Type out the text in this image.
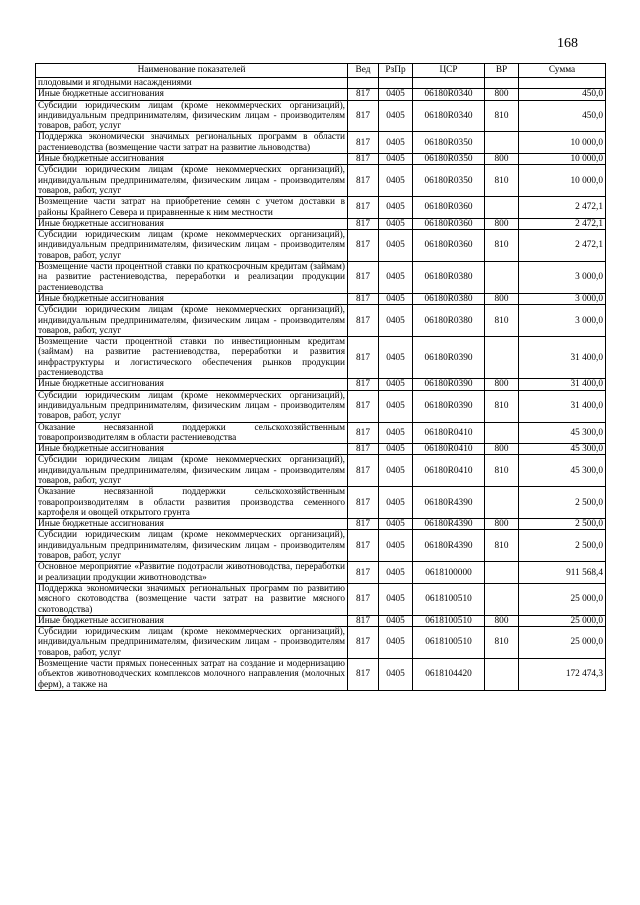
168
Наименование показателей	Вед	РзПр	ЦСР	ВР	Сумма
плодовыми и ягодными насаждениями					
Иные бюджетные ассигнования	817	0405	06180R0340	800	450,0
Субсидии юридическим лицам (кроме некоммерческих организаций), индивидуальным предпринимателям, физическим лицам - производителям товаров, работ, услуг	817	0405	06180R0340	810	450,0
Поддержка экономически значимых региональных программ в области растениеводства (возмещение части затрат на развитие льноводства)	817	0405	06180R0350		10 000,0
Иные бюджетные ассигнования	817	0405	06180R0350	800	10 000,0
Субсидии юридическим лицам (кроме некоммерческих организаций), индивидуальным предпринимателям, физическим лицам - производителям товаров, работ, услуг	817	0405	06180R0350	810	10 000,0
Возмещение части затрат на приобретение семян с учетом доставки в районы Крайнего Севера и приравненные к ним местности	817	0405	06180R0360		2 472,1
Иные бюджетные ассигнования	817	0405	06180R0360	800	2 472,1
Субсидии юридическим лицам (кроме некоммерческих организаций), индивидуальным предпринимателям, физическим лицам - производителям товаров, работ, услуг	817	0405	06180R0360	810	2 472,1
Возмещение части процентной ставки по краткосрочным кредитам (займам) на развитие растениеводства, переработки и реализации продукции растениеводства	817	0405	06180R0380		3 000,0
Иные бюджетные ассигнования	817	0405	06180R0380	800	3 000,0
Субсидии юридическим лицам (кроме некоммерческих организаций), индивидуальным предпринимателям, физическим лицам - производителям товаров, работ, услуг	817	0405	06180R0380	810	3 000,0
Возмещение части процентной ставки по инвестиционным кредитам (займам) на развитие растениеводства, переработки и развития инфраструктуры и логистического обеспечения рынков продукции растениеводства	817	0405	06180R0390		31 400,0
Иные бюджетные ассигнования	817	0405	06180R0390	800	31 400,0
Субсидии юридическим лицам (кроме некоммерческих организаций), индивидуальным предпринимателям, физическим лицам - производителям товаров, работ, услуг	817	0405	06180R0390	810	31 400,0
Оказание несвязанной поддержки сельскохозяйственным товаропроизводителям в области растениеводства	817	0405	06180R0410		45 300,0
Иные бюджетные ассигнования	817	0405	06180R0410	800	45 300,0
Субсидии юридическим лицам (кроме некоммерческих организаций), индивидуальным предпринимателям, физическим лицам - производителям товаров, работ, услуг	817	0405	06180R0410	810	45 300,0
Оказание несвязанной поддержки сельскохозяйственным товаропроизводителям в области развития производства семенного картофеля и овощей открытого грунта	817	0405	06180R4390		2 500,0
Иные бюджетные ассигнования	817	0405	06180R4390	800	2 500,0
Субсидии юридическим лицам (кроме некоммерческих организаций), индивидуальным предпринимателям, физическим лицам - производителям товаров, работ, услуг	817	0405	06180R4390	810	2 500,0
Основное мероприятие «Развитие подотрасли животноводства, переработки и реализации продукции животноводства»	817	0405	0618100000		911 568,4
Поддержка экономически значимых региональных программ по развитию мясного скотоводства (возмещение части затрат на развитие мясного скотоводства)	817	0405	0618100510		25 000,0
Иные бюджетные ассигнования	817	0405	0618100510	800	25 000,0
Субсидии юридическим лицам (кроме некоммерческих организаций), индивидуальным предпринимателям, физическим лицам - производителям товаров, работ, услуг	817	0405	0618100510	810	25 000,0
Возмещение части прямых понесенных затрат на создание и модернизацию объектов животноводческих комплексов молочного направления (молочных ферм), а также на	817	0405	0618104420		172 474,3
